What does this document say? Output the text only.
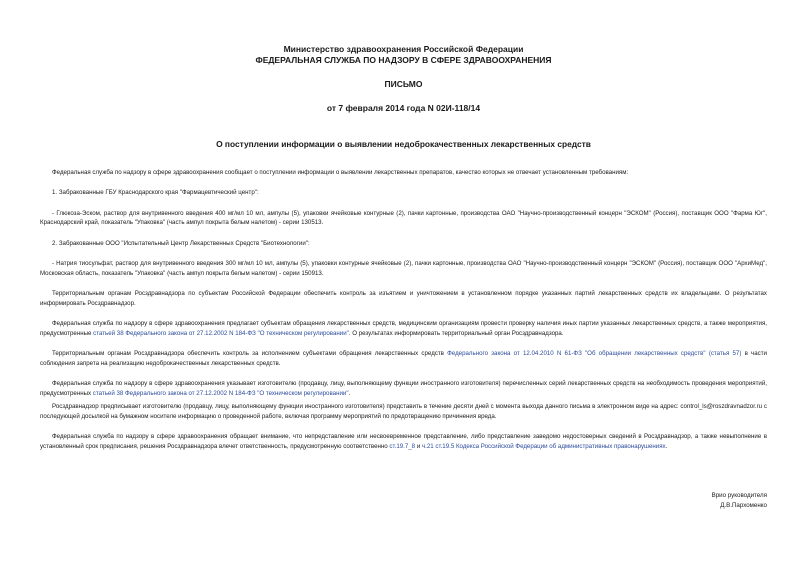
Министерство здравоохранения Российской Федерации
ФЕДЕРАЛЬНАЯ СЛУЖБА ПО НАДЗОРУ В СФЕРЕ ЗДРАВООХРАНЕНИЯ
ПИСЬМО
от 7 февраля 2014 года N 02И-118/14
О поступлении информации о выявлении недоброкачественных лекарственных средств

Федеральная служба по надзору в сфере здравоохранения сообщает о поступлении информации о выявлении лекарственных препаратов, качество которых не отвечает установленным требованиям:

1. Забракованные ГБУ Краснодарского края "Фармацевтический центр":

- Глюкоза-Эском, раствор для внутривенного введения 400 мг/мл 10 мл, ампулы (5), упаковки ячейковые контурные (2), пачки картонные, производства ОАО "Научно-производственный концерн "ЭСКОМ" (Россия), поставщик ООО "Фарма Юг", Краснодарский край, показатель "Упаковка" (часть ампул покрыта белым налетом) - серии 130513.

2. Забракованные ООО "Испытательный Центр Лекарственных Средств "Биотехнологии":

- Натрия тиосульфат, раствор для внутривенного введения 300 мг/мл 10 мл, ампулы (5), упаковки контурные ячейковые (2), пачки картонные, производства ОАО "Научно-производственный концерн "ЭСКОМ" (Россия), поставщик ООО "АрхиМед", Московская область, показатель "Упаковка" (часть ампул покрыта белым налетом) - серии 150913.

Территориальным органам Росздравнадзора по субъектам Российской Федерации обеспечить контроль за изъятием и уничтожением в установленном порядке указанных партий лекарственных средств их владельцами. О результатах информировать Росздравнадзор.

Федеральная служба по надзору в сфере здравоохранения предлагает субъектам обращения лекарственных средств, медицинским организациям провести проверку наличия иных партии указанных лекарственных средств, а также мероприятия, предусмотренные статьей 38 Федерального закона от 27.12.2002 N 184-ФЗ "О техническом регулировании". О результатах информировать территориальный орган Росздравнадзора.

Территориальным органам Росздравнадзора обеспечить контроль за исполнением субъектами обращения лекарственных средств Федерального закона от 12.04.2010 N 61-ФЗ "Об обращении лекарственных средств" (статья 57) в части соблюдения запрета на реализацию недоброкачественных лекарственных средств.

Федеральная служба по надзору в сфере здравоохранения указывает изготовителю (продавцу, лицу, выполняющему функции иностранного изготовителя) перечисленных серий лекарственных средств на необходимость проведения мероприятий, предусмотренных статьей 38 Федерального закона от 27.12.2002 N 184-ФЗ "О техническом регулировании".

Росздравнадзор предписывает изготовителю (продавцу, лицу, выполняющему функции иностранного изготовителя) представить в течение десяти дней с момента выхода данного письма в электронном виде на адрес: control_ls@roszdravnadzor.ru с последующей досылкой на бумажном носителе информацию о проведенной работе, включая программу мероприятий по предотвращению причинения вреда.

Федеральная служба по надзору в сфере здравоохранения обращает внимание, что непредставление или несвоевременное представление, либо представление заведомо недостоверных сведений в Росздравнадзор, а также невыполнение в установленный срок предписания, решения Росздравнадзора влечет ответственность, предусмотренную соответственно ст.19.7_8 и ч.21 ст.19.5 Кодекса Российской Федерации об административных правонарушениях.

Врио руководителя
Д.В.Пархоменко
